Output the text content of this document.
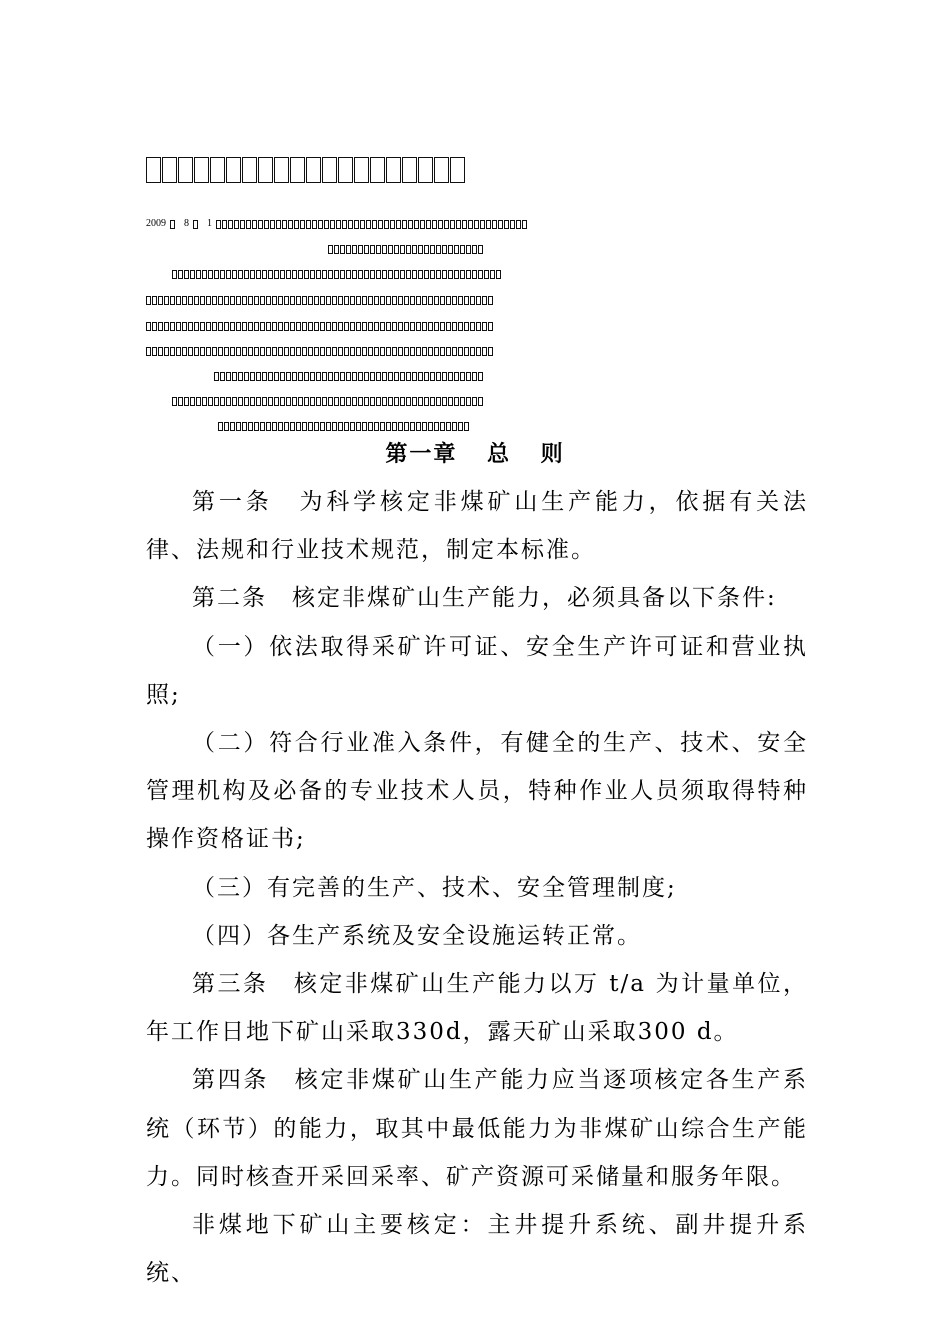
2009 8 1
第一章 总 则

第一条　为科学核定非煤矿山生产能力，依据有关法律、法规和行业技术规范，制定本标准。

第二条　核定非煤矿山生产能力，必须具备以下条件:

（一）依法取得采矿许可证、安全生产许可证和营业执照;

（二）符合行业准入条件，有健全的生产、技术、安全管理机构及必备的专业技术人员，特种作业人员须取得特种操作资格证书;

（三）有完善的生产、技术、安全管理制度;

（四）各生产系统及安全设施运转正常。

第三条　核定非煤矿山生产能力以万 t/a 为计量单位，年工作日地下矿山采取330d，露天矿山采取300 d。

第四条　核定非煤矿山生产能力应当逐项核定各生产系统（环节）的能力，取其中最低能力为非煤矿山综合生产能力。同时核查开采回采率、矿产资源可采储量和服务年限。

非煤地下矿山主要核定：主井提升系统、副井提升系统、
